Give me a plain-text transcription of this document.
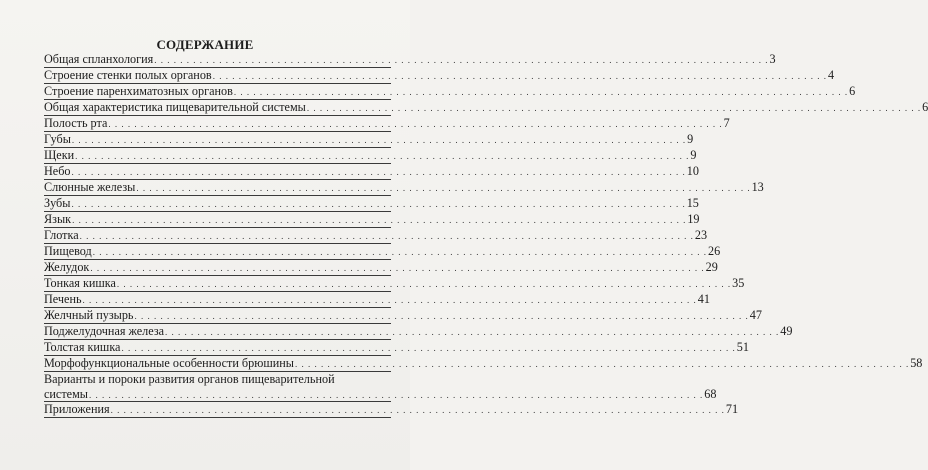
СОДЕРЖАНИЕ
Общая спланхология . . .	3
Строение стенки полых органов . . .	4
Строение паренхиматозных органов . . .	6
Общая характеристика пищеварительной системы . . .	6
Полость рта . . .	7
Губы . . .	9
Щеки . . .	9
Небо . . .	10
Слюнные железы . . .	13
Зубы . . .	15
Язык . . .	19
Глотка . . .	23
Пищевод . . .	26
Желудок . . .	29
Тонкая кишка . . .	35
Печень . . .	41
Желчный пузырь . . .	47
Поджелудочная железа . . .	49
Толстая кишка . . .	51
Морфофункциональные особенности брюшины . . .	58
Варианты и пороки развития органов пищеварительной
системы . . .	68
Приложения . . .	71
